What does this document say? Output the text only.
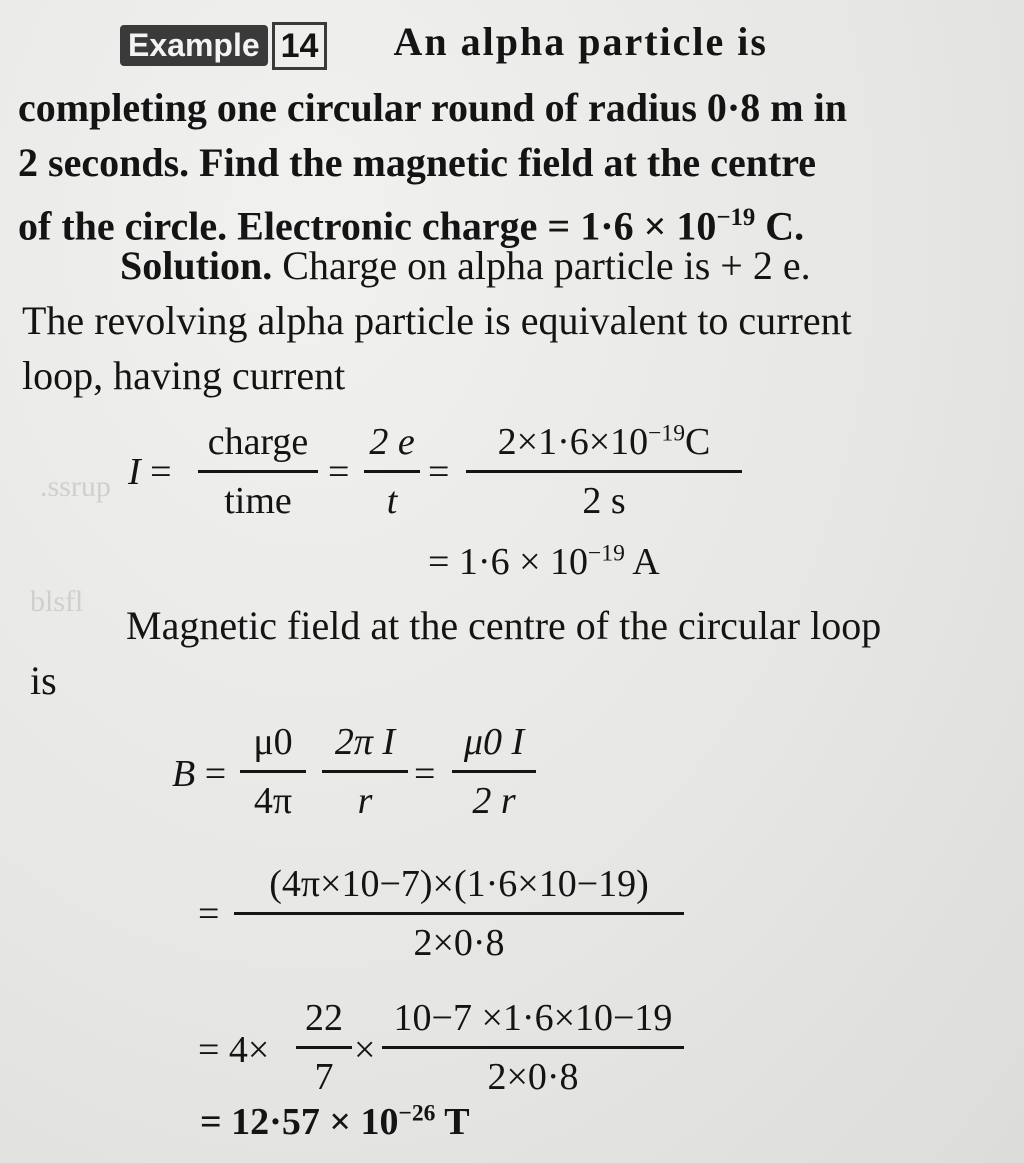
.ssrup
blsfl
Example 14 An alpha particle is
completing one circular round of radius 0·8 m in
2 seconds. Find the magnetic field at the centre
of the circle. Electronic charge = $1\cdot 6 \times 10^{-19}$ C.
Solution. Charge on alpha particle is + 2 e.
The revolving alpha particle is equivalent to current
loop, having current
I =
charge
time
=
2 e
t
=
$2\times 1\cdot 6\times 10^{-19}C$
2 s
= $1\cdot 6 \times 10^{-19}$ A
Magnetic field at the centre of the circular loop
is
B =
μ0
4π
2π I
r
=
μ0 I
2 r
=
(4π×10−7)×(1·6×10−19)
2×0·8
= 4×
22
7
×
10−7 ×1·6×10−19
2×0·8
= $12\cdot 57 \times 10^{-26}$ T
